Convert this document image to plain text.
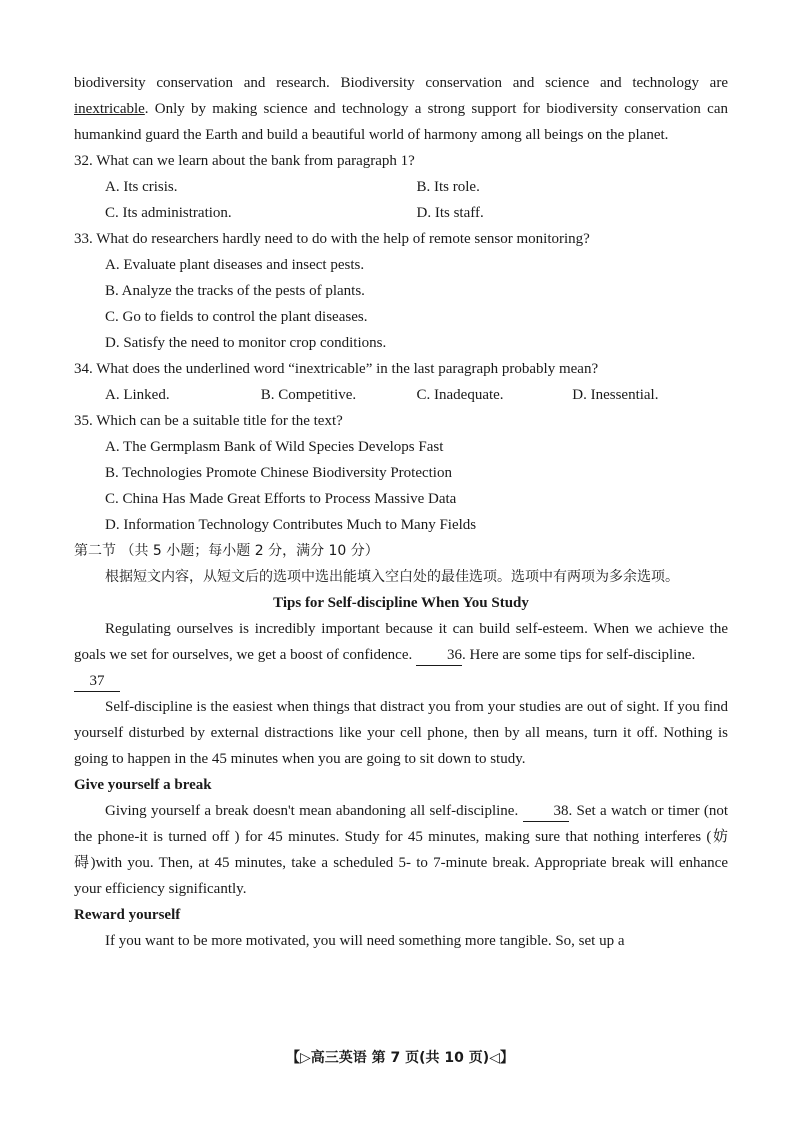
biodiversity conservation and research. Biodiversity conservation and science and technology are inextricable. Only by making science and technology a strong support for biodiversity conservation can humankind guard the Earth and build a beautiful world of harmony among all beings on the planet.

32. What can we learn about the bank from paragraph 1?

A. Its crisis.	B. Its role.
C. Its administration.	D. Its staff.

33. What do researchers hardly need to do with the help of remote sensor monitoring?

A. Evaluate plant diseases and insect pests.

B. Analyze the tracks of the pests of plants.

C. Go to fields to control the plant diseases.

D. Satisfy the need to monitor crop conditions.

34. What does the underlined word “inextricable” in the last paragraph probably mean?

A. Linked.	B. Competitive.	C. Inadequate.	D. Inessential.

35. Which can be a suitable title for the text?

A. The Germplasm Bank of Wild Species Develops Fast

B. Technologies Promote Chinese Biodiversity Protection

C. China Has Made Great Efforts to Process Massive Data

D. Information Technology Contributes Much to Many Fields

第二节 （共 5 小题；每小题 2 分，满分 10 分）

根据短文内容，从短文后的选项中选出能填入空白处的最佳选项。选项中有两项为多余选项。

Tips for Self-discipline When You Study

Regulating ourselves is incredibly important because it can build self-esteem. When we achieve the goals we set for ourselves, we get a boost of confidence. 36. Here are some tips for self-discipline.

37

Self-discipline is the easiest when things that distract you from your studies are out of sight. If you find yourself disturbed by external distractions like your cell phone, then by all means, turn it off. Nothing is going to happen in the 45 minutes when you are going to sit down to study.

Give yourself a break

Giving yourself a break doesn't mean abandoning all self-discipline. 38. Set a watch or timer (not the phone-it is turned off ) for 45 minutes. Study for 45 minutes, making sure that nothing interferes (妨碍)with you. Then, at 45 minutes, take a scheduled 5- to 7-minute break. Appropriate break will enhance your efficiency significantly.

Reward yourself

If you want to be more motivated, you will need something more tangible. So, set up a

【▷高三英语 第 7 页(共 10 页)◁】
